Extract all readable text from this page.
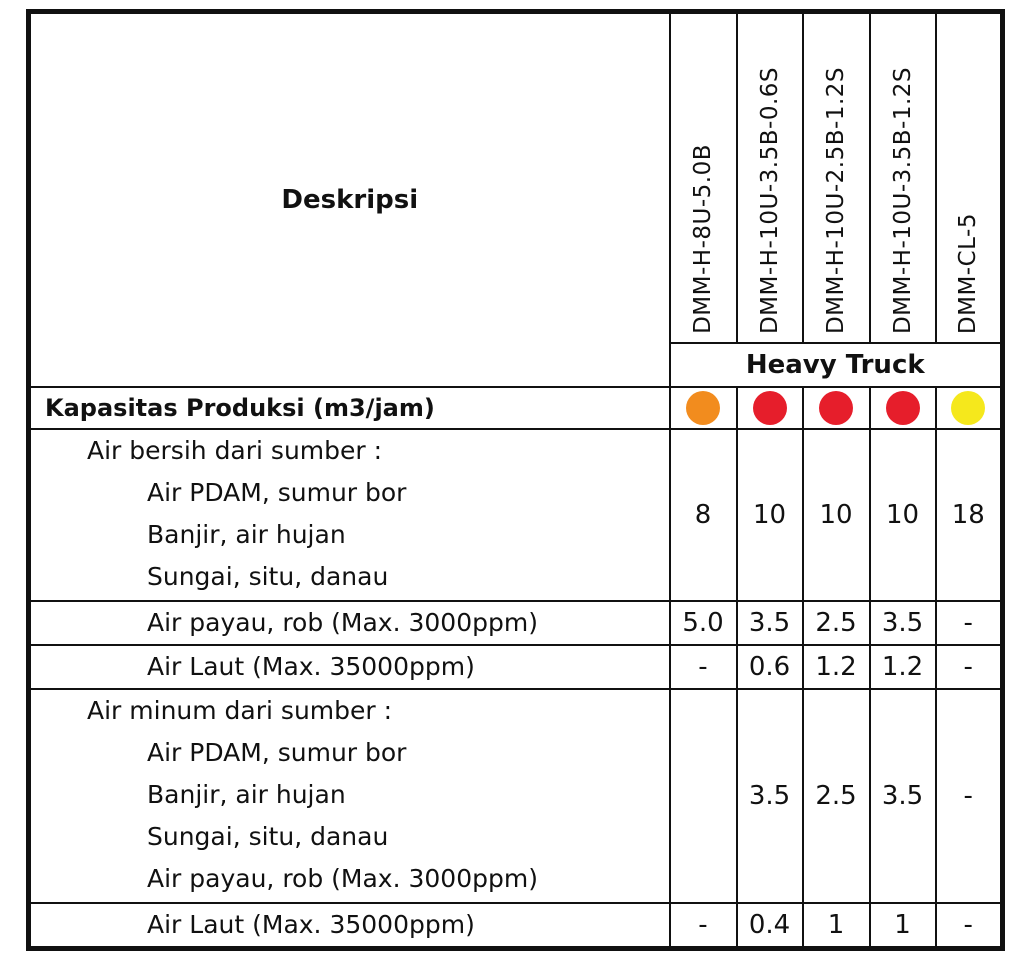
Deskripsi	DMM-H-8U-5.0B	DMM-H-10U-3.5B-0.6S	DMM-H-10U-2.5B-1.2S	DMM-H-10U-3.5B-1.2S	DMM-CL-5

	Heavy Truck				
Kapasitas Produksi (m3/jam)					

Air bersih dari sumber :
Air PDAM, sumur bor
Banjir, air hujan
Sungai, situ, danau	8	10	10	10	18

Air payau, rob (Max. 3000ppm)	5.0	3.5	2.5	3.5	-

Air Laut (Max. 35000ppm)	-	0.6	1.2	1.2	-

Air minum dari sumber :
Air PDAM, sumur bor
Banjir, air hujan
Sungai, situ, danau
Air payau, rob (Max. 3000ppm)		3.5	2.5	3.5	-

Air Laut (Max. 35000ppm)	-	0.4	1	1	-
